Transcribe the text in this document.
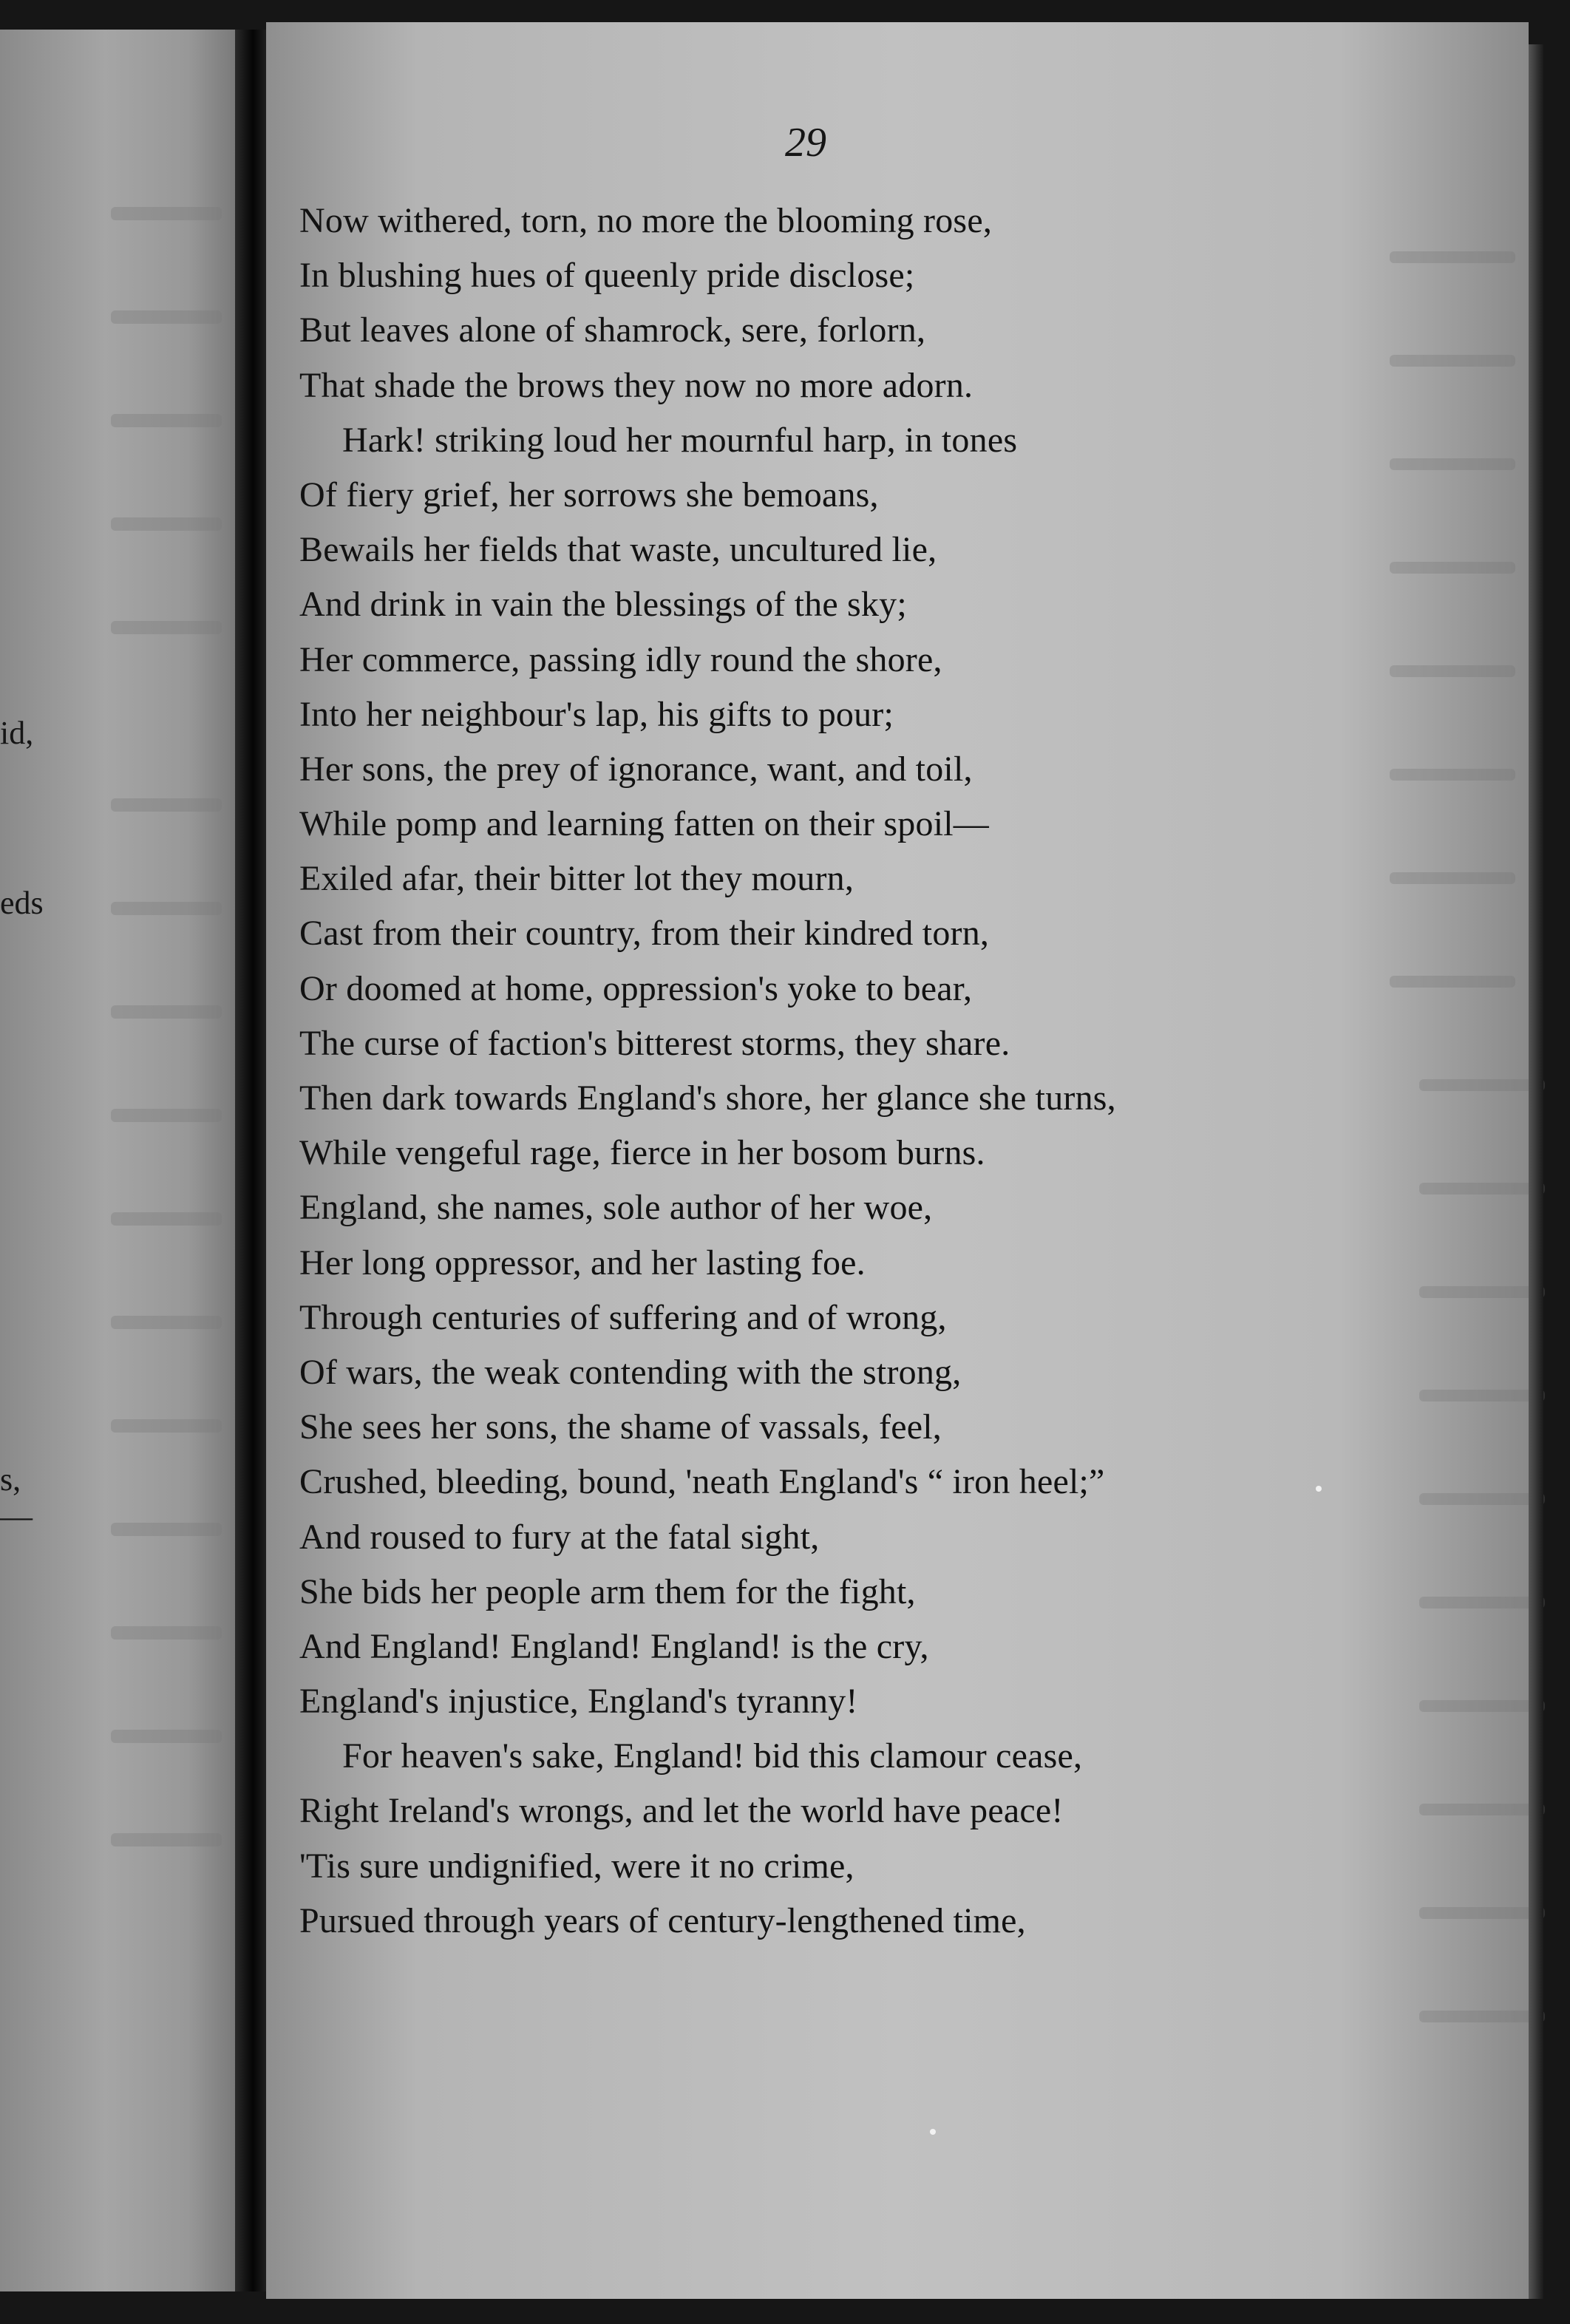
id,
eds
s,
—
29
Now withered, torn, no more the blooming rose,
In blushing hues of queenly pride disclose;
But leaves alone of shamrock, sere, forlorn,
That shade the brows they now no more adorn.
Hark! striking loud her mournful harp, in tones
Of fiery grief, her sorrows she bemoans,
Bewails her fields that waste, uncultured lie,
And drink in vain the blessings of the sky;
Her commerce, passing idly round the shore,
Into her neighbour's lap, his gifts to pour;
Her sons, the prey of ignorance, want, and toil,
While pomp and learning fatten on their spoil—
Exiled afar, their bitter lot they mourn,
Cast from their country, from their kindred torn,
Or doomed at home, oppression's yoke to bear,
The curse of faction's bitterest storms, they share.
Then dark towards England's shore, her glance she turns,
While vengeful rage, fierce in her bosom burns.
England, she names, sole author of her woe,
Her long oppressor, and her lasting foe.
Through centuries of suffering and of wrong,
Of wars, the weak contending with the strong,
She sees her sons, the shame of vassals, feel,
Crushed, bleeding, bound, 'neath England's “ iron heel;”
And roused to fury at the fatal sight,
She bids her people arm them for the fight,
And England! England! England! is the cry,
England's injustice, England's tyranny!
For heaven's sake, England! bid this clamour cease,
Right Ireland's wrongs, and let the world have peace!
'Tis sure undignified, were it no crime,
Pursued through years of century-lengthened time,
